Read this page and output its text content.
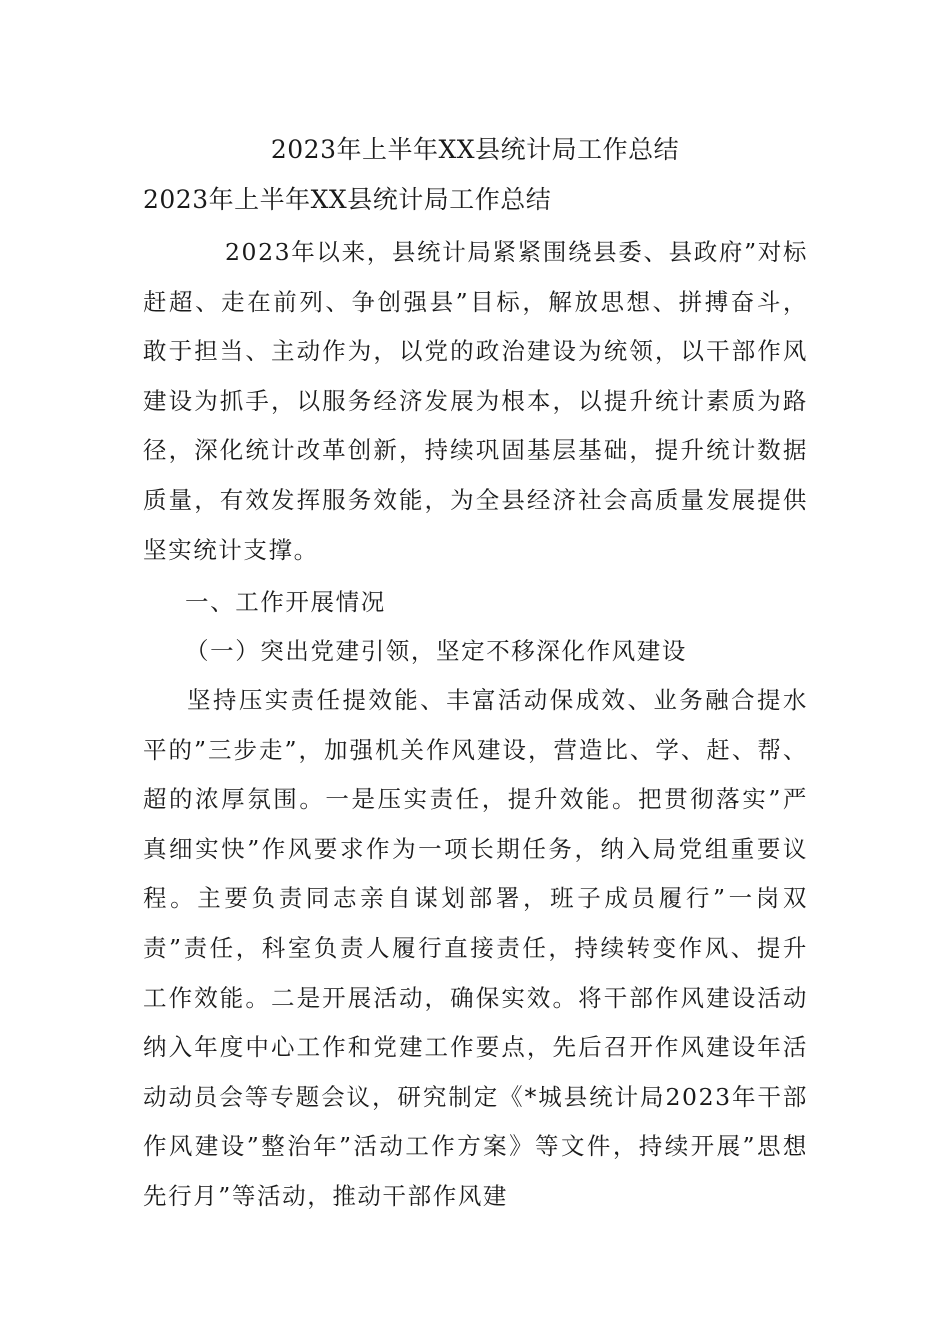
2023年上半年XX县统计局工作总结
2023年上半年XX县统计局工作总结

2023年以来，县统计局紧紧围绕县委、县政府”对标赶超、走在前列、争创强县”目标，解放思想、拼搏奋斗，敢于担当、主动作为，以党的政治建设为统领，以干部作风建设为抓手，以服务经济发展为根本，以提升统计素质为路径，深化统计改革创新，持续巩固基层基础，提升统计数据质量，有效发挥服务效能，为全县经济社会高质量发展提供坚实统计支撑。

一、工作开展情况

（一）突出党建引领，坚定不移深化作风建设

坚持压实责任提效能、丰富活动保成效、业务融合提水平的”三步走”，加强机关作风建设，营造比、学、赶、帮、超的浓厚氛围。一是压实责任，提升效能。把贯彻落实”严真细实快”作风要求作为一项长期任务，纳入局党组重要议程。主要负责同志亲自谋划部署，班子成员履行”一岗双责”责任，科室负责人履行直接责任，持续转变作风、提升工作效能。二是开展活动，确保实效。将干部作风建设活动纳入年度中心工作和党建工作要点，先后召开作风建设年活动动员会等专题会议，研究制定《*城县统计局2023年干部作风建设”整治年”活动工作方案》等文件，持续开展”思想先行月”等活动，推动干部作风建
